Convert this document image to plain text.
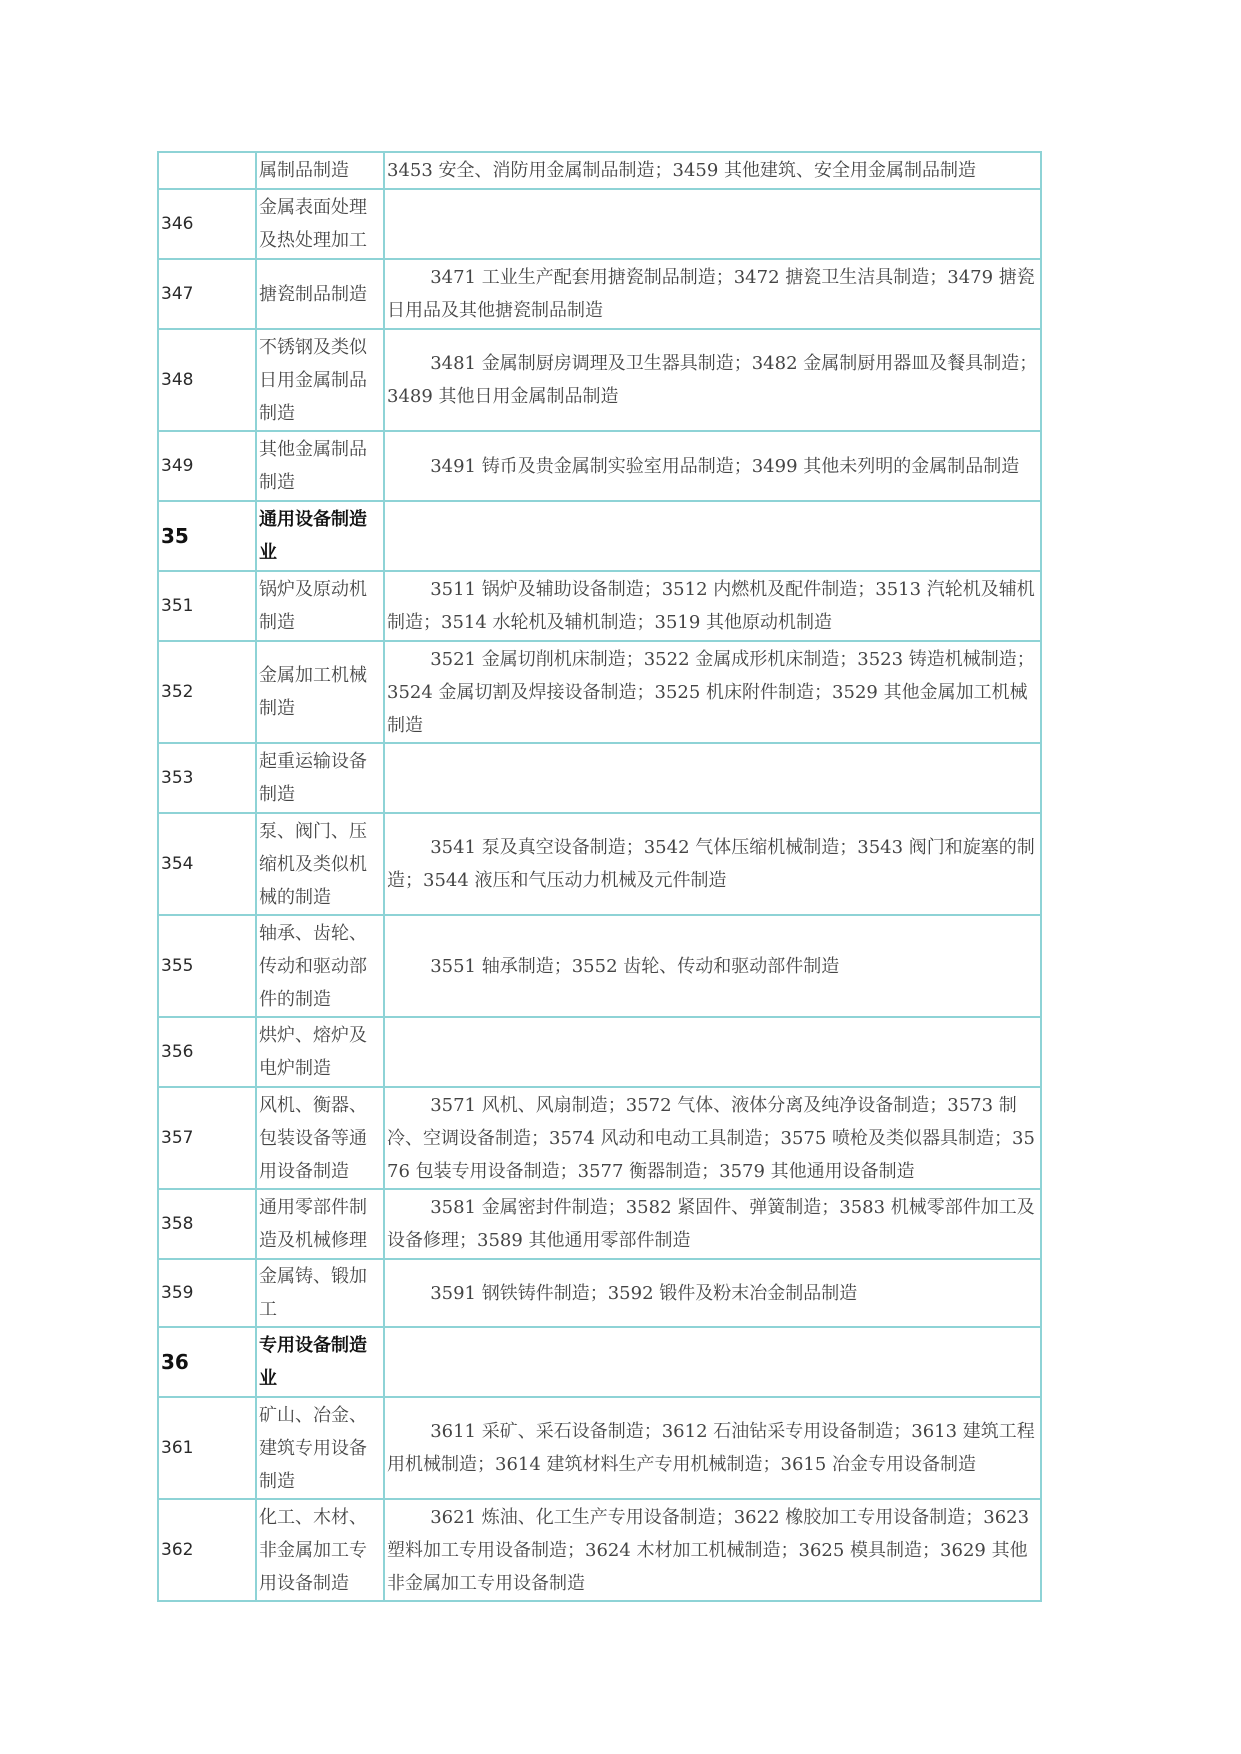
	属制品制造	3453 安全、消防用金属制品制造；3459 其他建筑、安全用金属制品制造

346	金属表面处理及热处理加工	

347	搪瓷制品制造	3471 工业生产配套用搪瓷制品制造；3472 搪瓷卫生洁具制造；3479 搪瓷日用品及其他搪瓷制品制造

348	不锈钢及类似日用金属制品制造	3481 金属制厨房调理及卫生器具制造；3482 金属制厨用器皿及餐具制造；3489 其他日用金属制品制造

349	其他金属制品制造	3491 铸币及贵金属制实验室用品制造；3499 其他未列明的金属制品制造

35	通用设备制造业	

351	锅炉及原动机制造	3511 锅炉及辅助设备制造；3512 内燃机及配件制造；3513 汽轮机及辅机制造；3514 水轮机及辅机制造；3519 其他原动机制造

352	金属加工机械制造	3521 金属切削机床制造；3522 金属成形机床制造；3523 铸造机械制造；3524 金属切割及焊接设备制造；3525 机床附件制造；3529 其他金属加工机械制造

353	起重运输设备制造	

354	泵、阀门、压缩机及类似机械的制造	3541 泵及真空设备制造；3542 气体压缩机械制造；3543 阀门和旋塞的制造；3544 液压和气压动力机械及元件制造

355	轴承、齿轮、传动和驱动部件的制造	3551 轴承制造；3552 齿轮、传动和驱动部件制造

356	烘炉、熔炉及电炉制造	

357	风机、衡器、包装设备等通用设备制造	3571 风机、风扇制造；3572 气体、液体分离及纯净设备制造；3573 制冷、空调设备制造；3574 风动和电动工具制造；3575 喷枪及类似器具制造；3576 包装专用设备制造；3577 衡器制造；3579 其他通用设备制造

358	通用零部件制造及机械修理	3581 金属密封件制造；3582 紧固件、弹簧制造；3583 机械零部件加工及设备修理；3589 其他通用零部件制造

359	金属铸、锻加工	3591 钢铁铸件制造；3592 锻件及粉末冶金制品制造

36	专用设备制造业	

361	矿山、冶金、建筑专用设备制造	3611 采矿、采石设备制造；3612 石油钻采专用设备制造；3613 建筑工程用机械制造；3614 建筑材料生产专用机械制造；3615 冶金专用设备制造

362	化工、木材、非金属加工专用设备制造	3621 炼油、化工生产专用设备制造；3622 橡胶加工专用设备制造；3623 塑料加工专用设备制造；3624 木材加工机械制造；3625 模具制造；3629 其他非金属加工专用设备制造
